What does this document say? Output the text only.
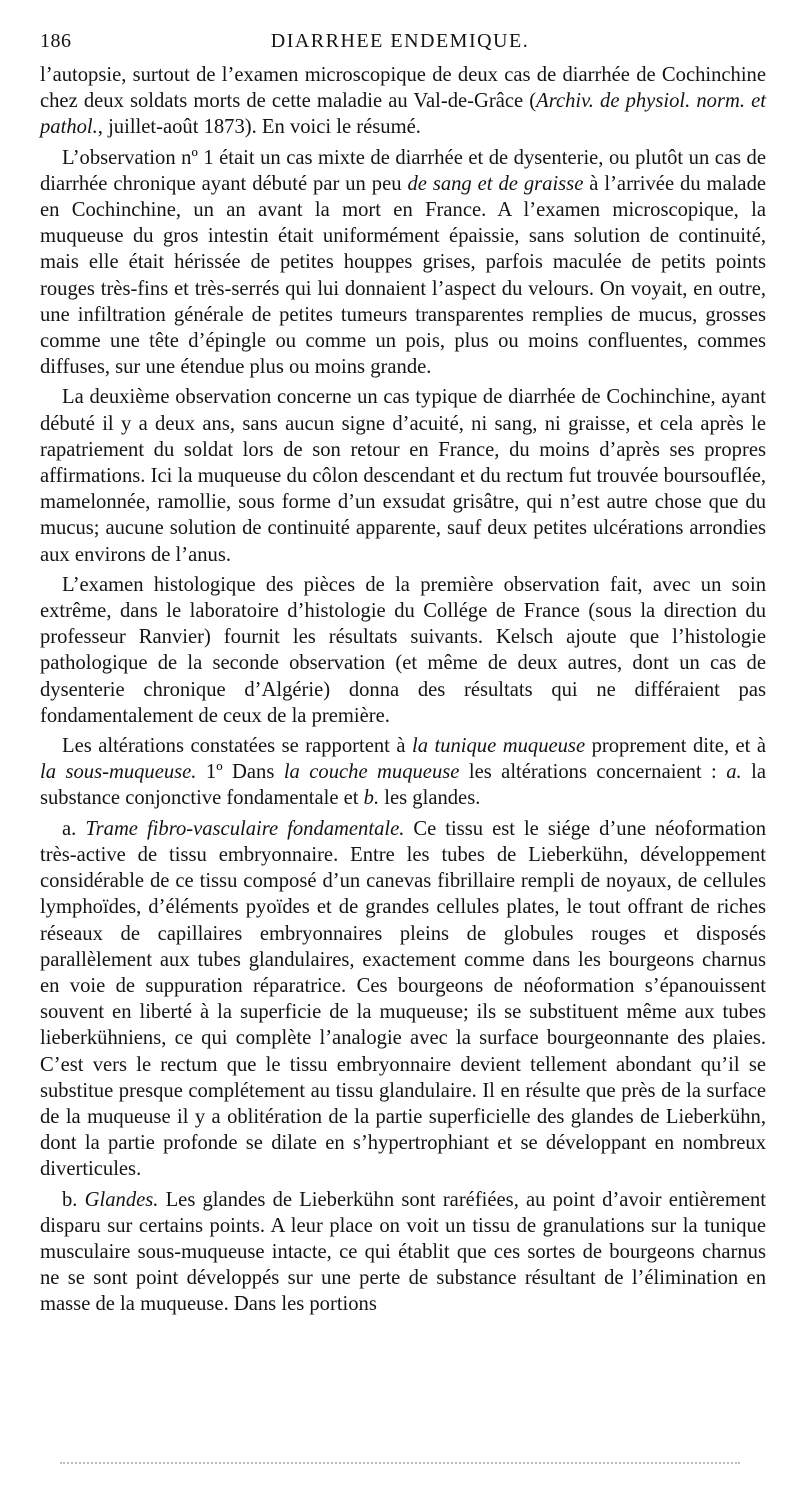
186	DIARRHEE ENDEMIQUE.

l’autopsie, surtout de l’examen microscopique de deux cas de diarrhée de Cochinchine chez deux soldats morts de cette maladie au Val-de-Grâce (Archiv. de physiol. norm. et pathol., juillet-août 1873). En voici le résumé.

L’observation nº 1 était un cas mixte de diarrhée et de dysenterie, ou plutôt un cas de diarrhée chronique ayant débuté par un peu de sang et de graisse à l’arrivée du malade en Cochinchine, un an avant la mort en France. A l’examen microscopique, la muqueuse du gros intestin était uniformément épaissie, sans solution de continuité, mais elle était hérissée de petites houppes grises, parfois maculée de petits points rouges très-fins et très-serrés qui lui donnaient l’aspect du velours. On voyait, en outre, une infiltration générale de petites tumeurs transparentes remplies de mucus, grosses comme une tête d’épingle ou comme un pois, plus ou moins confluentes, commes diffuses, sur une étendue plus ou moins grande.

La deuxième observation concerne un cas typique de diarrhée de Cochinchine, ayant débuté il y a deux ans, sans aucun signe d’acuité, ni sang, ni graisse, et cela après le rapatriement du soldat lors de son retour en France, du moins d’après ses propres affirmations. Ici la muqueuse du côlon descendant et du rectum fut trouvée boursouflée, mamelonnée, ramollie, sous forme d’un exsudat grisâtre, qui n’est autre chose que du mucus; aucune solution de continuité apparente, sauf deux petites ulcérations arrondies aux environs de l’anus.

L’examen histologique des pièces de la première observation fait, avec un soin extrême, dans le laboratoire d’histologie du Collége de France (sous la direction du professeur Ranvier) fournit les résultats suivants. Kelsch ajoute que l’histologie pathologique de la seconde observation (et même de deux autres, dont un cas de dysenterie chronique d’Algérie) donna des résultats qui ne différaient pas fondamentalement de ceux de la première.

Les altérations constatées se rapportent à la tunique muqueuse proprement dite, et à la sous-muqueuse. 1º Dans la couche muqueuse les altérations concernaient : a. la substance conjonctive fondamentale et b. les glandes.

a. Trame fibro-vasculaire fondamentale. Ce tissu est le siége d’une néoformation très-active de tissu embryonnaire. Entre les tubes de Lieberkühn, développement considérable de ce tissu composé d’un canevas fibrillaire rempli de noyaux, de cellules lymphoïdes, d’éléments pyoïdes et de grandes cellules plates, le tout offrant de riches réseaux de capillaires embryonnaires pleins de globules rouges et disposés parallèlement aux tubes glandulaires, exactement comme dans les bourgeons charnus en voie de suppuration réparatrice. Ces bourgeons de néoformation s’épanouissent souvent en liberté à la superficie de la muqueuse; ils se substituent même aux tubes lieberkühniens, ce qui complète l’analogie avec la surface bourgeonnante des plaies. C’est vers le rectum que le tissu embryonnaire devient tellement abondant qu’il se substitue presque complétement au tissu glandulaire. Il en résulte que près de la surface de la muqueuse il y a oblitération de la partie superficielle des glandes de Lieberkühn, dont la partie profonde se dilate en s’hypertrophiant et se développant en nombreux diverticules.

b. Glandes. Les glandes de Lieberkühn sont raréfiées, au point d’avoir entièrement disparu sur certains points. A leur place on voit un tissu de granulations sur la tunique musculaire sous-muqueuse intacte, ce qui établit que ces sortes de bourgeons charnus ne se sont point développés sur une perte de substance résultant de l’élimination en masse de la muqueuse. Dans les portions
